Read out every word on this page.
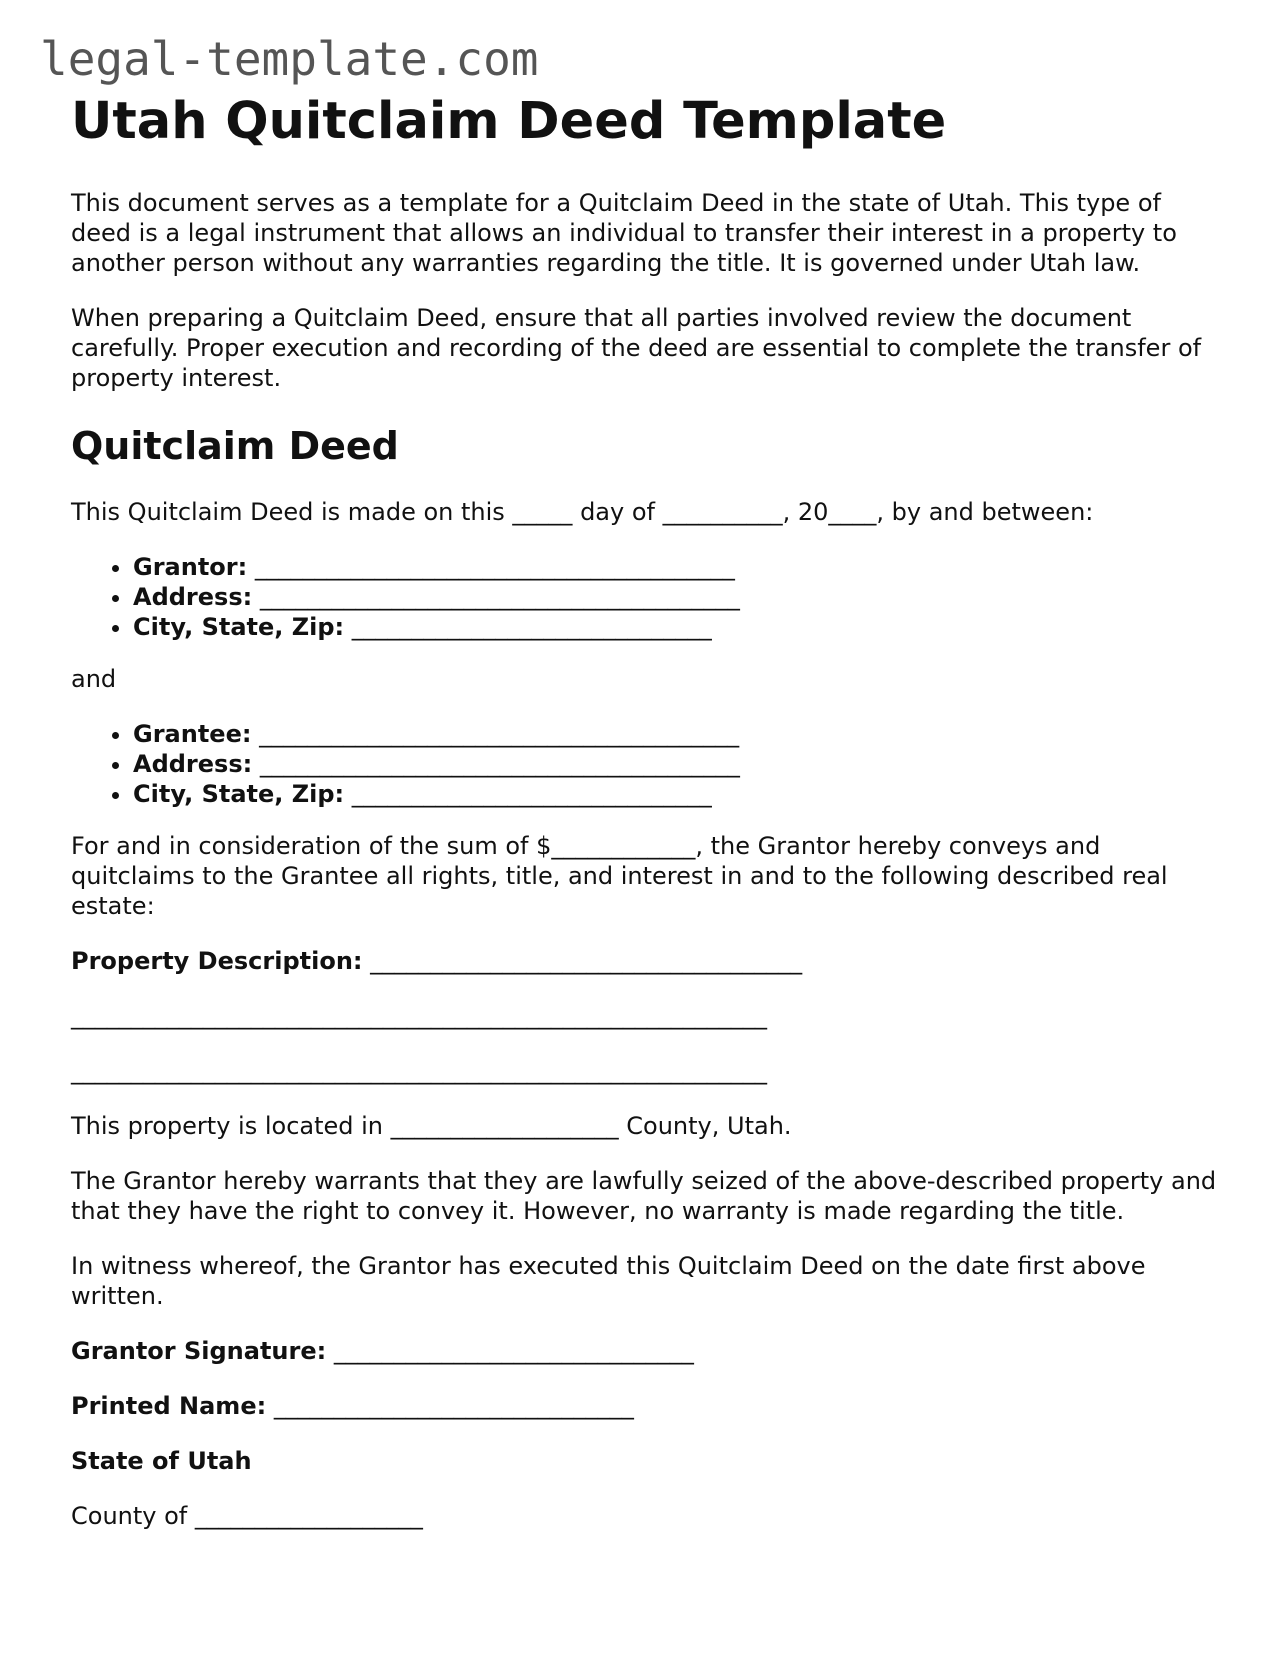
legal-template.com
Utah Quitclaim Deed Template

This document serves as a template for a Quitclaim Deed in the state of Utah. This type of deed is a legal instrument that allows an individual to transfer their interest in a property to another person without any warranties regarding the title. It is governed under Utah law.

When preparing a Quitclaim Deed, ensure that all parties involved review the document carefully. Proper execution and recording of the deed are essential to complete the transfer of property interest.

Quitclaim Deed

This Quitclaim Deed is made on this _____ day of __________, 20____, by and between:

• Grantor: ________________________________________
• Address: ________________________________________
• City, State, Zip: ______________________________

and

• Grantee: ________________________________________
• Address: ________________________________________
• City, State, Zip: ______________________________

For and in consideration of the sum of $____________, the Grantor hereby conveys and quitclaims to the Grantee all rights, title, and interest in and to the following described real estate:

Property Description: ____________________________________

__________________________________________________________

__________________________________________________________

This property is located in ___________________ County, Utah.

The Grantor hereby warrants that they are lawfully seized of the above-described property and that they have the right to convey it. However, no warranty is made regarding the title.

In witness whereof, the Grantor has executed this Quitclaim Deed on the date first above written.

Grantor Signature: ______________________________

Printed Name: ______________________________

State of Utah

County of ___________________
